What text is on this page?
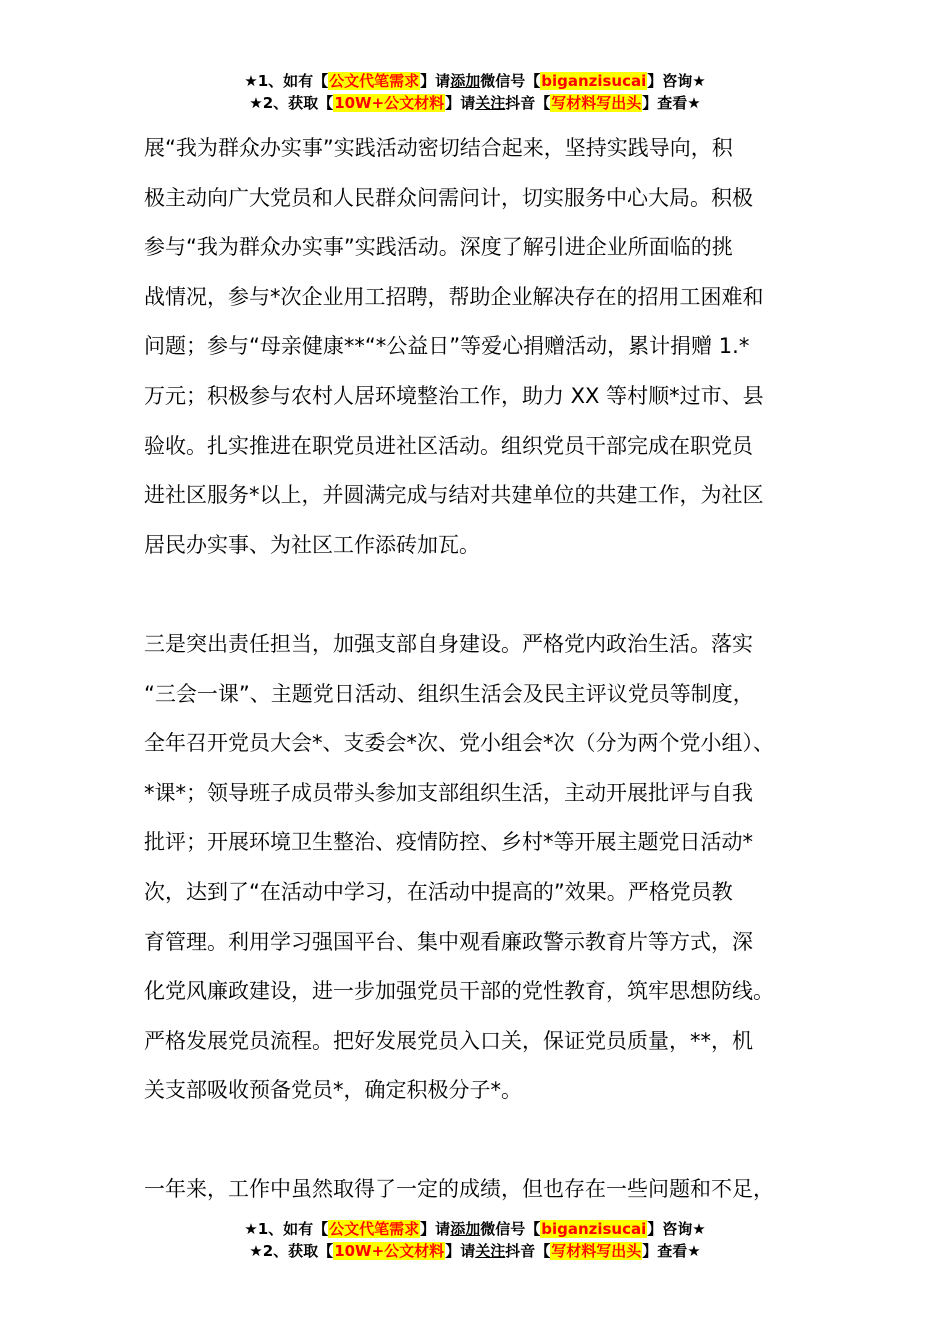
★1、如有【公文代笔需求】请添加微信号【biganzisucai】咨询★
★2、获取【10W+公文材料】请关注抖音【写材料写出头】查看★
展“我为群众办实事”实践活动密切结合起来，坚持实践导向，积
极主动向广大党员和人民群众问需问计，切实服务中心大局。积极
参与“我为群众办实事”实践活动。深度了解引进企业所面临的挑
战情况，参与*次企业用工招聘，帮助企业解决存在的招用工困难和
问题；参与“母亲健康**“*公益日”等爱心捐赠活动，累计捐赠 1.*
万元；积极参与农村人居环境整治工作，助力 XX 等村顺*过市、县
验收。扎实推进在职党员进社区活动。组织党员干部完成在职党员
进社区服务*以上，并圆满完成与结对共建单位的共建工作，为社区
居民办实事、为社区工作添砖加瓦。
三是突出责任担当，加强支部自身建设。严格党内政治生活。落实
“三会一课”、主题党日活动、组织生活会及民主评议党员等制度，
全年召开党员大会*、支委会*次、党小组会*次（分为两个党小组）、
*课*；领导班子成员带头参加支部组织生活，主动开展批评与自我
批评；开展环境卫生整治、疫情防控、乡村*等开展主题党日活动*
次，达到了“在活动中学习，在活动中提高的”效果。严格党员教
育管理。利用学习强国平台、集中观看廉政警示教育片等方式，深
化党风廉政建设，进一步加强党员干部的党性教育，筑牢思想防线。
严格发展党员流程。把好发展党员入口关，保证党员质量，**，机
关支部吸收预备党员*，确定积极分子*。
一年来，工作中虽然取得了一定的成绩，但也存在一些问题和不足，
★1、如有【公文代笔需求】请添加微信号【biganzisucai】咨询★
★2、获取【10W+公文材料】请关注抖音【写材料写出头】查看★
